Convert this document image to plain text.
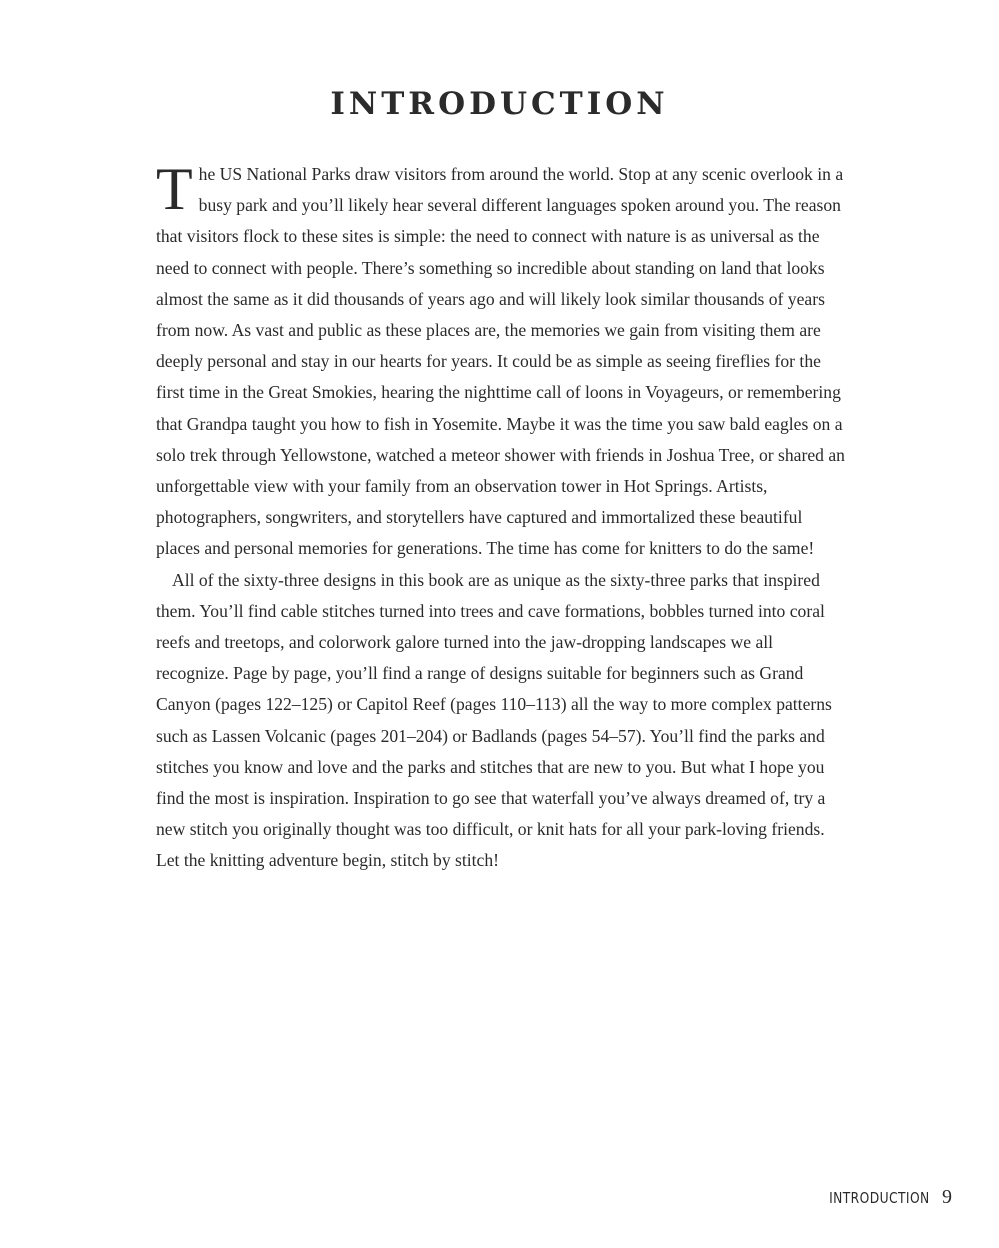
INTRODUCTION

The US National Parks draw visitors from around the world. Stop at any scenic overlook in a busy park and you’ll likely hear several different languages spoken around you. The reason that visitors flock to these sites is simple: the need to connect with nature is as universal as the need to connect with people. There’s something so incredible about standing on land that looks almost the same as it did thousands of years ago and will likely look similar thousands of years from now. As vast and public as these places are, the memories we gain from visiting them are deeply personal and stay in our hearts for years. It could be as simple as seeing fireflies for the first time in the Great Smokies, hearing the nighttime call of loons in Voyageurs, or remembering that Grandpa taught you how to fish in Yosemite. Maybe it was the time you saw bald eagles on a solo trek through Yellowstone, watched a meteor shower with friends in Joshua Tree, or shared an unforgettable view with your family from an observation tower in Hot Springs. Artists, photographers, songwriters, and storytellers have captured and immortalized these beautiful places and personal memories for generations. The time has come for knitters to do the same!

All of the sixty-three designs in this book are as unique as the sixty-three parks that inspired them. You’ll find cable stitches turned into trees and cave formations, bobbles turned into coral reefs and treetops, and colorwork galore turned into the jaw-dropping landscapes we all recognize. Page by page, you’ll find a range of designs suitable for beginners such as Grand Canyon (pages 122–125) or Capitol Reef (pages 110–113) all the way to more complex patterns such as Lassen Volcanic (pages 201–204) or Badlands (pages 54–57). You’ll find the parks and stitches you know and love and the parks and stitches that are new to you. But what I hope you find the most is inspiration. Inspiration to go see that waterfall you’ve always dreamed of, try a new stitch you originally thought was too difficult, or knit hats for all your park-loving friends. Let the knitting adventure begin, stitch by stitch!

INTRODUCTION 9
